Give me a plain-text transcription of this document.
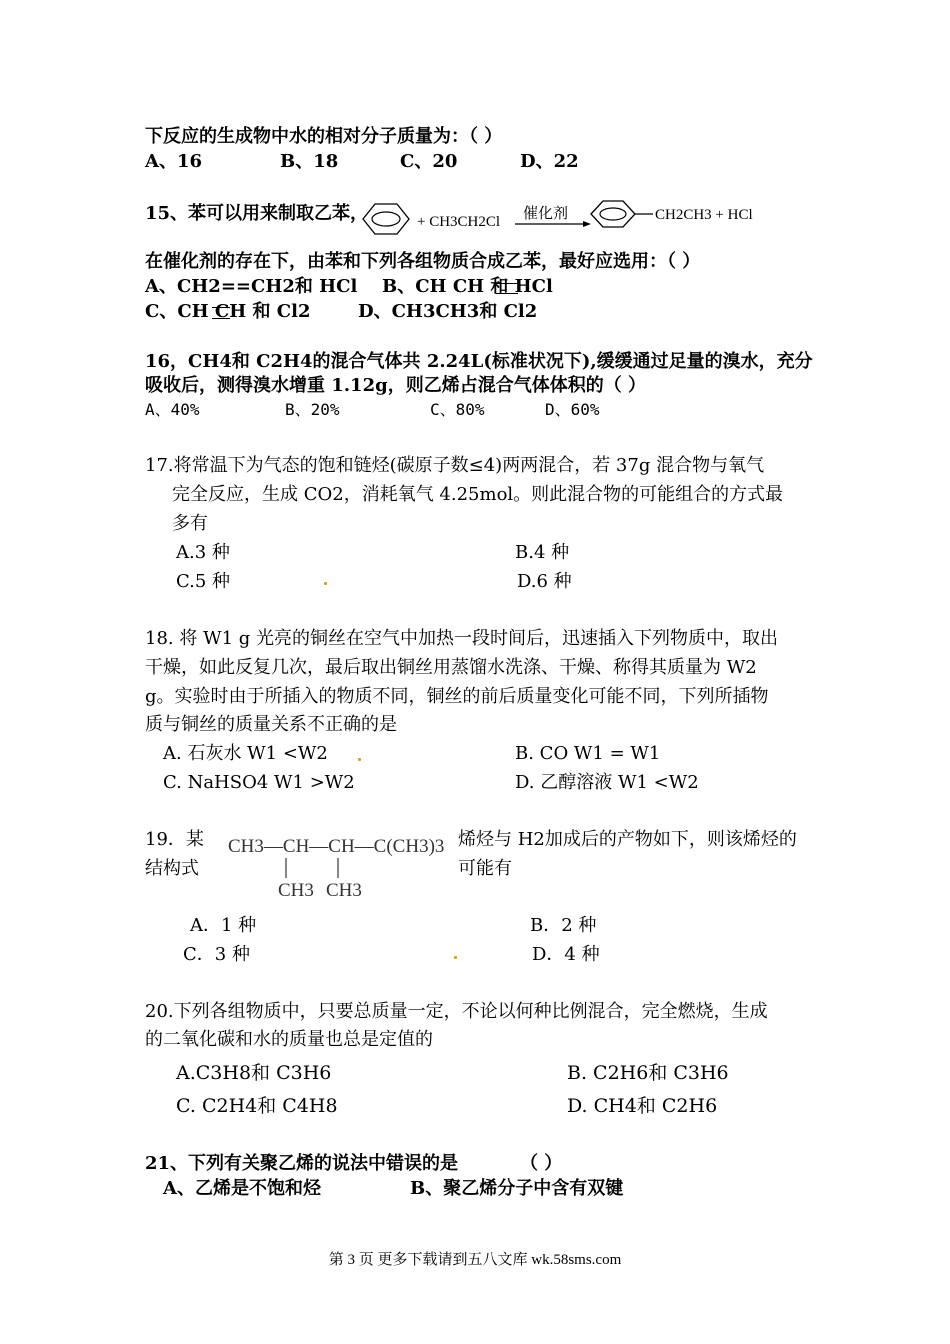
下反应的生成物中水的相对分子质量为：（ ）
A、16	B、18	C、20	D、22
15、苯可以用来制取乙苯，	+ CH3CH2Cl 催化剂	CH2CH3 + HCl
在催化剂的存在下，由苯和下列各组物质合成乙苯，最好应选用：（ ）
A、CH2==CH2和 HCl B、CH CH 和 HCl
C、CH CH 和 Cl2	D、CH3CH3和 Cl2
16，CH4和 C2H4的混合气体共 2.24L(标准状况下),缓缓通过足量的溴水，充分
吸收后，测得溴水增重 1.12g，则乙烯占混合气体体积的（ ）
A、40%	B、20%	C、80%	D、60%
17.将常温下为气态的饱和链烃(碳原子数≤4)两两混合，若 37g 混合物与氧气
完全反应，生成 CO2，消耗氧气 4.25mol。则此混合物的可能组合的方式最
多有
A.3 种	B.4 种
C.5 种	D.6 种
18. 将 W1 g 光亮的铜丝在空气中加热一段时间后，迅速插入下列物质中，取出
干燥，如此反复几次，最后取出铜丝用蒸馏水洗涤、干燥、称得其质量为 W2
g。实验时由于所插入的物质不同，铜丝的前后质量变化可能不同，下列所插物
质与铜丝的质量关系不正确的是
A. 石灰水 W1 <W2	B. CO W1 = W1
C. NaHSO4 W1 >W2	D. 乙醇溶液 W1 <W2
19．某
结构式
CH3—CH—CH—C(CH3)3
CH3 CH3
烯烃与 H2加成后的产物如下，则该烯烃的
可能有
A．1 种	B．2 种
C．3 种	D．4 种
20.下列各组物质中，只要总质量一定，不论以何种比例混合，完全燃烧，生成
的二氧化碳和水的质量也总是定值的
A.C3H8和 C3H6	B. C2H6和 C3H6
C. C2H4和 C4H8	D. CH4和 C2H6
21、下列有关聚乙烯的说法中错误的是	（ ）
A、乙烯是不饱和烃	B、聚乙烯分子中含有双键
第 3 页 更多下载请到五八文库 wk.58sms.com
